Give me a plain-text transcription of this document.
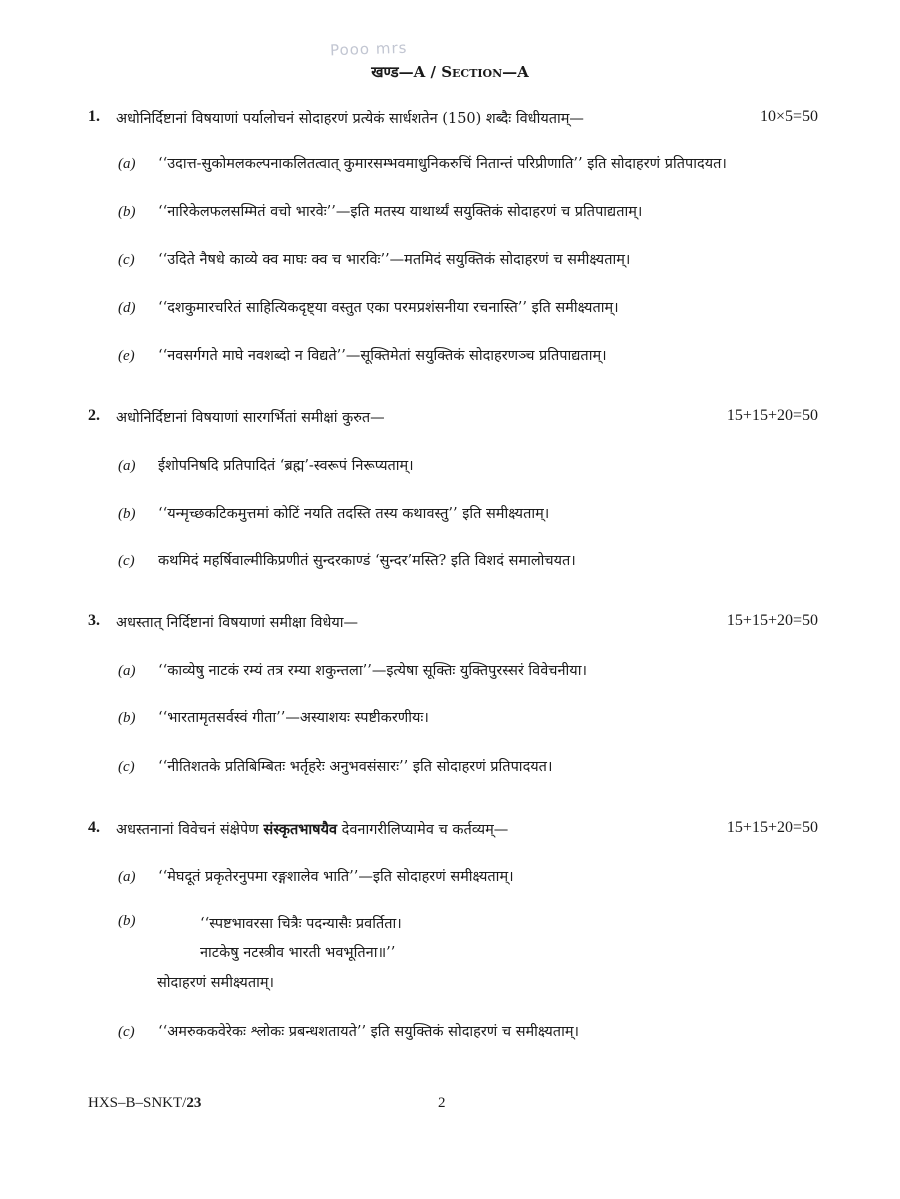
Pooo mrs
खण्ड—A / Section—A
1. अधोनिर्दिष्टानां विषयाणां पर्यालोचनं सोदाहरणं प्रत्येकं सार्धशतेन (150) शब्दैः विधीयताम्—	10×5=50
(a) ‘‘उदात्त-सुकोमलकल्पनाकलितत्वात् कुमारसम्भवमाधुनिकरुचिं नितान्तं परिप्रीणाति’’ इति सोदाहरणं प्रतिपादयत।
(b) ‘‘नारिकेलफलसम्मितं वचो भारवेः’’—इति मतस्य याथार्थ्यं सयुक्तिकं सोदाहरणं च प्रतिपाद्यताम्।
(c) ‘‘उदिते नैषधे काव्ये क्व माघः क्व च भारविः’’—मतमिदं सयुक्तिकं सोदाहरणं च समीक्ष्यताम्।
(d) ‘‘दशकुमारचरितं साहित्यिकदृष्ट्या वस्तुत एका परमप्रशंसनीया रचनास्ति’’ इति समीक्ष्यताम्।
(e) ‘‘नवसर्गगते माघे नवशब्दो न विद्यते’’—सूक्तिमेतां सयुक्तिकं सोदाहरणञ्च प्रतिपाद्यताम्।
2. अधोनिर्दिष्टानां विषयाणां सारगर्भितां समीक्षां कुरुत—	15+15+20=50
(a) ईशोपनिषदि प्रतिपादितं ‘ब्रह्म’-स्वरूपं निरूप्यताम्।
(b) ‘‘यन्मृच्छकटिकमुत्तमां कोटिं नयति तदस्ति तस्य कथावस्तु’’ इति समीक्ष्यताम्।
(c) कथमिदं महर्षिवाल्मीकिप्रणीतं सुन्दरकाण्डं ‘सुन्दर’मस्ति? इति विशदं समालोचयत।
3. अधस्तात् निर्दिष्टानां विषयाणां समीक्षा विधेया—	15+15+20=50
(a) ‘‘काव्येषु नाटकं रम्यं तत्र रम्या शकुन्तला’’—इत्येषा सूक्तिः युक्तिपुरस्सरं विवेचनीया।
(b) ‘‘भारतामृतसर्वस्वं गीता’’—अस्याशयः स्पष्टीकरणीयः।
(c) ‘‘नीतिशतके प्रतिबिम्बितः भर्तृहरेः अनुभवसंसारः’’ इति सोदाहरणं प्रतिपादयत।
4. अधस्तनानां विवेचनं संक्षेपेण संस्कृतभाषयैव देवनागरीलिप्यामेव च कर्तव्यम्—	15+15+20=50
(a) ‘‘मेघदूतं प्रकृतेरनुपमा रङ्गशालेव भाति’’—इति सोदाहरणं समीक्ष्यताम्।
(b)	‘‘स्पष्टभावरसा चित्रैः पदन्यासैः प्रवर्तिता।
नाटकेषु नटस्त्रीव भारती भवभूतिना॥’’
सोदाहरणं समीक्ष्यताम्।
(c) ‘‘अमरुककवेरेकः श्लोकः प्रबन्धशतायते’’ इति सयुक्तिकं सोदाहरणं च समीक्ष्यताम्।
HXS–B–SNKT/23	2
